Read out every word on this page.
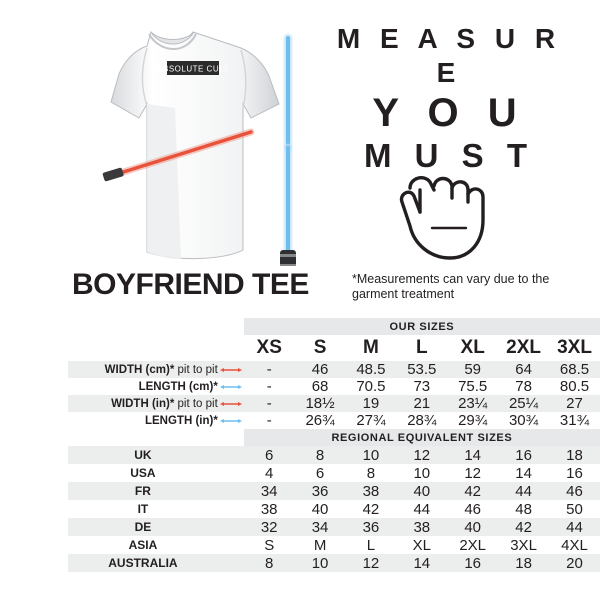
ABSOLUTE CULT
M E A S U R E
Y O U
M U S T
BOYFRIEND TEE	*Measurements can vary due to the garment treatment
		OUR SIZES						
		XS	S	M	L	XL	2XL	3XL
WIDTH (cm)* pit to pit		-	46	48.5	53.5	59	64	68.5
LENGTH (cm)*		-	68	70.5	73	75.5	78	80.5
WIDTH (in)* pit to pit		-	18½	19	21	23¼	25¼	27
LENGTH (in)*		-	26¾	27¾	28¾	29¾	30¾	31¾
		REGIONAL EQUIVALENT SIZES						
UK		6	8	10	12	14	16	18
USA		4	6	8	10	12	14	16
FR		34	36	38	40	42	44	46
IT		38	40	42	44	46	48	50
DE		32	34	36	38	40	42	44
ASIA		S	M	L	XL	2XL	3XL	4XL
AUSTRALIA		8	10	12	14	16	18	20
